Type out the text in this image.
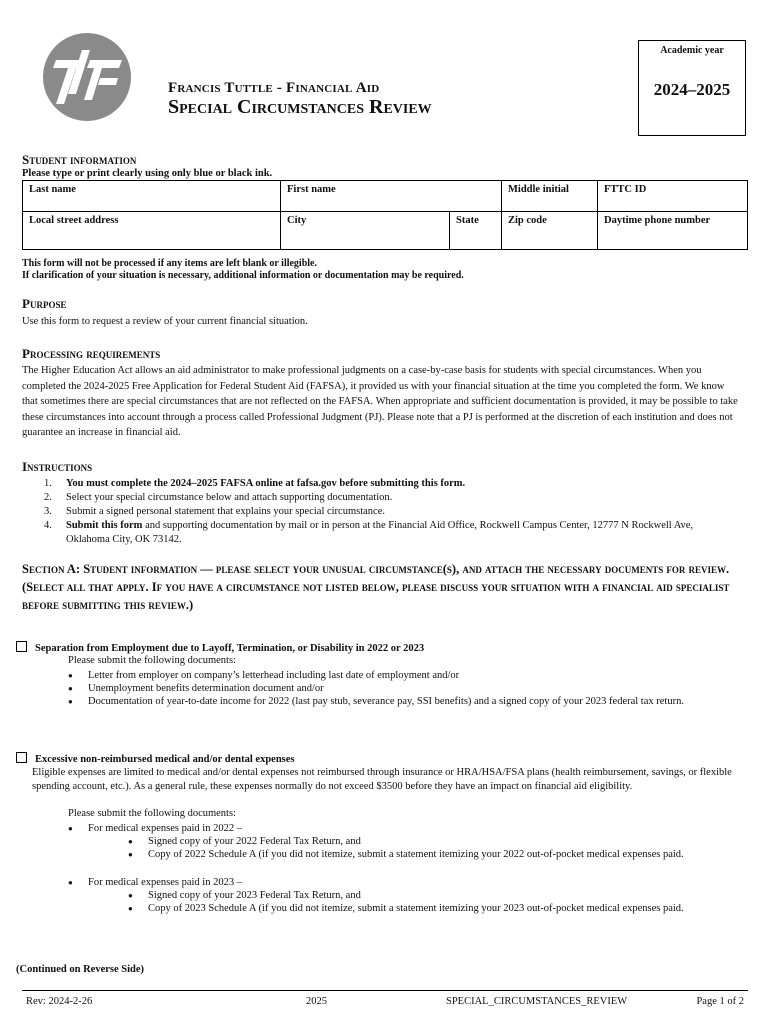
Francis Tuttle - Financial Aid
Special Circumstances Review
Academic year
2024–2025
Student information
Please type or print clearly using only blue or black ink.
Last name	First name		Middle initial	FTTC ID
Local street address	City	State	Zip code	Daytime phone number
This form will not be processed if any items are left blank or illegible.
If clarification of your situation is necessary, additional information or documentation may be required.
Purpose
Use this form to request a review of your current financial situation.
Processing requirements
The Higher Education Act allows an aid administrator to make professional judgments on a case-by-case basis for students with special circumstances. When you completed the 2024-2025 Free Application for Federal Student Aid (FAFSA), it provided us with your financial situation at the time you completed the form. We know that sometimes there are special circumstances that are not reflected on the FAFSA. When appropriate and sufficient documentation is provided, it may be possible to take these circumstances into account through a process called Professional Judgment (PJ). Please note that a PJ is performed at the discretion of each institution and does not guarantee an increase in financial aid.
Instructions
1. You must complete the 2024–2025 FAFSA online at fafsa.gov before submitting this form.
2. Select your special circumstance below and attach supporting documentation.
3. Submit a signed personal statement that explains your special circumstance.
4. Submit this form and supporting documentation by mail or in person at the Financial Aid Office, Rockwell Campus Center, 12777 N Rockwell Ave, Oklahoma City, OK 73142.
Section A: Student information — please select your unusual circumstance(s), and attach the necessary documents for review. (Select all that apply. If you have a circumstance not listed below, please discuss your situation with a financial aid specialist before submitting this review.)
Separation from Employment due to Layoff, Termination, or Disability in 2022 or 2023
Please submit the following documents:
● Letter from employer on company’s letterhead including last date of employment and/or
● Unemployment benefits determination document and/or
● Documentation of year-to-date income for 2022 (last pay stub, severance pay, SSI benefits) and a signed copy of your 2023 federal tax return.
Excessive non-reimbursed medical and/or dental expenses
Eligible expenses are limited to medical and/or dental expenses not reimbursed through insurance or HRA/HSA/FSA plans (health reimbursement, savings, or flexible spending account, etc.). As a general rule, these expenses normally do not exceed $3500 before they have an impact on financial aid eligibility.
Please submit the following documents:
● For medical expenses paid in 2022 –
● Signed copy of your 2022 Federal Tax Return, and
● Copy of 2022 Schedule A (if you did not itemize, submit a statement itemizing your 2022 out-of-pocket medical expenses paid.
● For medical expenses paid in 2023 –
● Signed copy of your 2023 Federal Tax Return, and
● Copy of 2023 Schedule A (if you did not itemize, submit a statement itemizing your 2023 out-of-pocket medical expenses paid.
(Continued on Reverse Side)
Rev: 2024-2-26	2025	SPECIAL_CIRCUMSTANCES_REVIEW	Page 1 of 2
